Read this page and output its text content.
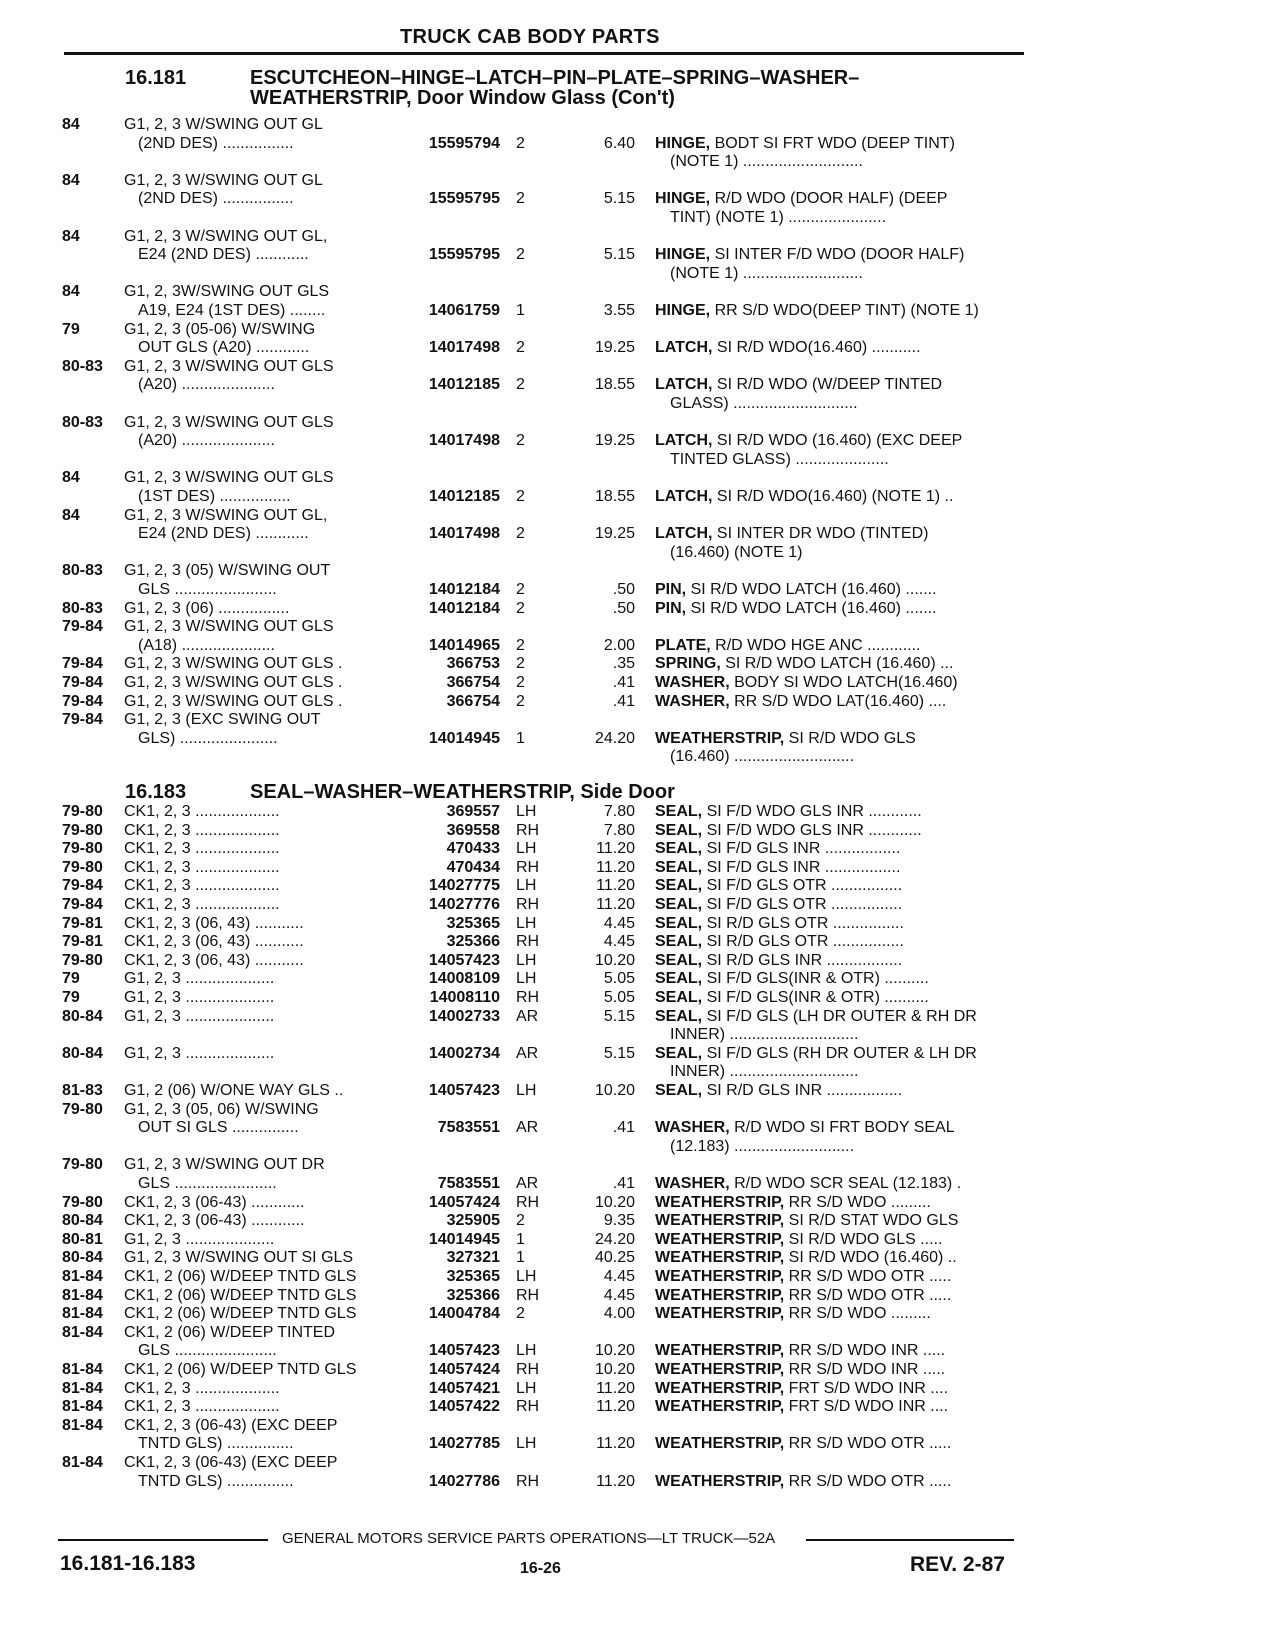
TRUCK CAB BODY PARTS
16.181	ESCUTCHEON–HINGE–LATCH–PIN–PLATE–SPRING–WASHER–
WEATHERSTRIP, Door Window Glass (Con't)
16.183	SEAL–WASHER–WEATHERSTRIP, Side Door
84	G1, 2, 3 W/SWING OUT GL
(2ND DES) ................	15595794 2	6.40 HINGE, BODT SI FRT WDO (DEEP TINT)
(NOTE 1) ...........................
84	G1, 2, 3 W/SWING OUT GL
(2ND DES) ................	15595795 2	5.15 HINGE, R/D WDO (DOOR HALF) (DEEP
TINT) (NOTE 1) ......................
84	G1, 2, 3 W/SWING OUT GL,
E24 (2ND DES) ............	15595795 2	5.15 HINGE, SI INTER F/D WDO (DOOR HALF)
(NOTE 1) ...........................
84	G1, 2, 3W/SWING OUT GLS
A19, E24 (1ST DES) ........	14061759 1	3.55 HINGE, RR S/D WDO(DEEP TINT) (NOTE 1)
79	G1, 2, 3 (05-06) W/SWING
OUT GLS (A20) ............	14017498 2	19.25 LATCH, SI R/D WDO(16.460) ...........
80-83 G1, 2, 3 W/SWING OUT GLS
(A20) .....................	14012185 2	18.55 LATCH, SI R/D WDO (W/DEEP TINTED
GLASS) ............................
80-83 G1, 2, 3 W/SWING OUT GLS
(A20) .....................	14017498 2	19.25 LATCH, SI R/D WDO (16.460) (EXC DEEP
TINTED GLASS) .....................
84	G1, 2, 3 W/SWING OUT GLS
(1ST DES) ................	14012185 2	18.55 LATCH, SI R/D WDO(16.460) (NOTE 1) ..
84	G1, 2, 3 W/SWING OUT GL,
E24 (2ND DES) ............	14017498 2	19.25 LATCH, SI INTER DR WDO (TINTED)
(16.460) (NOTE 1)
80-83 G1, 2, 3 (05) W/SWING OUT
GLS .......................	14012184 2	.50 PIN, SI R/D WDO LATCH (16.460) .......
80-83 G1, 2, 3 (06) ................	14012184 2	.50 PIN, SI R/D WDO LATCH (16.460) .......
79-84 G1, 2, 3 W/SWING OUT GLS
(A18) .....................	14014965 2	2.00 PLATE, R/D WDO HGE ANC ............
79-84 G1, 2, 3 W/SWING OUT GLS .	366753 2	.35 SPRING, SI R/D WDO LATCH (16.460) ...
79-84 G1, 2, 3 W/SWING OUT GLS .	366754 2	.41 WASHER, BODY SI WDO LATCH(16.460)
79-84 G1, 2, 3 W/SWING OUT GLS .	366754 2	.41 WASHER, RR S/D WDO LAT(16.460) ....
79-84 G1, 2, 3 (EXC SWING OUT
GLS) ......................	14014945 1	24.20 WEATHERSTRIP, SI R/D WDO GLS
(16.460) ...........................
79-80 CK1, 2, 3 ...................	369557 LH	7.80 SEAL, SI F/D WDO GLS INR ............
79-80 CK1, 2, 3 ...................	369558 RH	7.80 SEAL, SI F/D WDO GLS INR ............
79-80 CK1, 2, 3 ...................	470433 LH	11.20 SEAL, SI F/D GLS INR .................
79-80 CK1, 2, 3 ...................	470434 RH	11.20 SEAL, SI F/D GLS INR .................
79-84 CK1, 2, 3 ...................	14027775 LH	11.20 SEAL, SI F/D GLS OTR ................
79-84 CK1, 2, 3 ...................	14027776 RH	11.20 SEAL, SI F/D GLS OTR ................
79-81 CK1, 2, 3 (06, 43) ...........	325365 LH	4.45 SEAL, SI R/D GLS OTR ................
79-81 CK1, 2, 3 (06, 43) ...........	325366 RH	4.45 SEAL, SI R/D GLS OTR ................
79-80 CK1, 2, 3 (06, 43) ...........	14057423 LH	10.20 SEAL, SI R/D GLS INR .................
79	G1, 2, 3 ....................	14008109 LH	5.05 SEAL, SI F/D GLS(INR & OTR) ..........
79	G1, 2, 3 ....................	14008110 RH	5.05 SEAL, SI F/D GLS(INR & OTR) ..........
80-84 G1, 2, 3 ....................	14002733 AR	5.15 SEAL, SI F/D GLS (LH DR OUTER & RH DR
INNER) .............................
80-84 G1, 2, 3 ....................	14002734 AR	5.15 SEAL, SI F/D GLS (RH DR OUTER & LH DR
INNER) .............................
81-83 G1, 2 (06) W/ONE WAY GLS ..	14057423 LH	10.20 SEAL, SI R/D GLS INR .................
79-80 G1, 2, 3 (05, 06) W/SWING
OUT SI GLS ...............	7583551 AR	.41 WASHER, R/D WDO SI FRT BODY SEAL
(12.183) ...........................
79-80 G1, 2, 3 W/SWING OUT DR
GLS .......................	7583551 AR	.41 WASHER, R/D WDO SCR SEAL (12.183) .
79-80 CK1, 2, 3 (06-43) ............	14057424 RH	10.20 WEATHERSTRIP, RR S/D WDO .........
80-84 CK1, 2, 3 (06-43) ............	325905 2	9.35 WEATHERSTRIP, SI R/D STAT WDO GLS
80-81 G1, 2, 3 ....................	14014945 1	24.20 WEATHERSTRIP, SI R/D WDO GLS .....
80-84 G1, 2, 3 W/SWING OUT SI GLS	327321 1	40.25 WEATHERSTRIP, SI R/D WDO (16.460) ..
81-84 CK1, 2 (06) W/DEEP TNTD GLS	325365 LH	4.45 WEATHERSTRIP, RR S/D WDO OTR .....
81-84 CK1, 2 (06) W/DEEP TNTD GLS	325366 RH	4.45 WEATHERSTRIP, RR S/D WDO OTR .....
81-84 CK1, 2 (06) W/DEEP TNTD GLS	14004784 2	4.00 WEATHERSTRIP, RR S/D WDO .........
81-84 CK1, 2 (06) W/DEEP TINTED
GLS .......................	14057423 LH	10.20 WEATHERSTRIP, RR S/D WDO INR .....
81-84 CK1, 2 (06) W/DEEP TNTD GLS	14057424 RH	10.20 WEATHERSTRIP, RR S/D WDO INR .....
81-84 CK1, 2, 3 ...................	14057421 LH	11.20 WEATHERSTRIP, FRT S/D WDO INR ....
81-84 CK1, 2, 3 ...................	14057422 RH	11.20 WEATHERSTRIP, FRT S/D WDO INR ....
81-84 CK1, 2, 3 (06-43) (EXC DEEP
TNTD GLS) ...............	14027785 LH	11.20 WEATHERSTRIP, RR S/D WDO OTR .....
81-84 CK1, 2, 3 (06-43) (EXC DEEP
TNTD GLS) ...............	14027786 RH	11.20 WEATHERSTRIP, RR S/D WDO OTR .....
GENERAL MOTORS SERVICE PARTS OPERATIONS—LT TRUCK—52A
16.181-16.183	16-26	REV. 2-87
